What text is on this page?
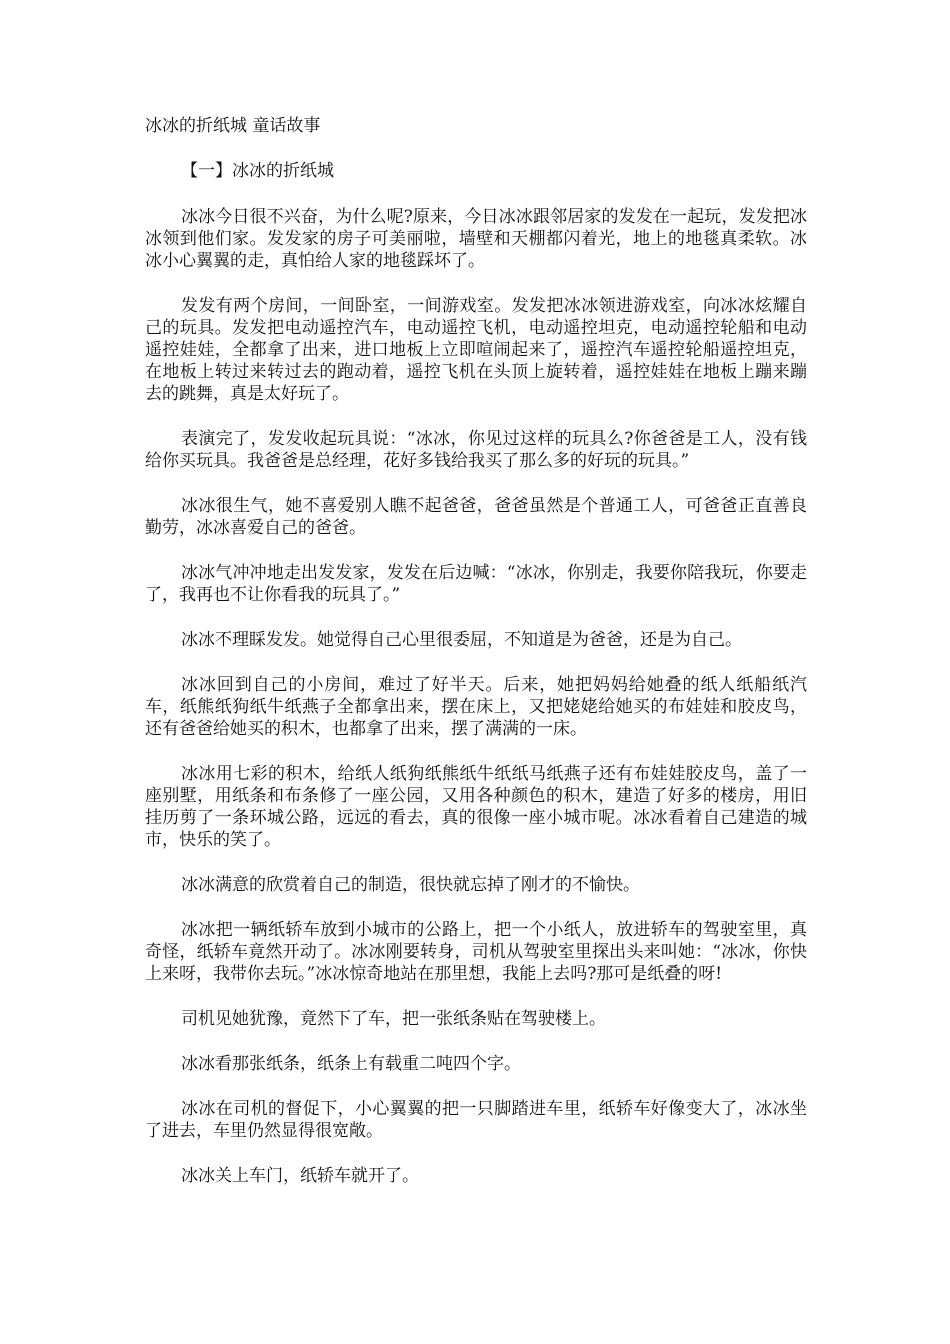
冰冰的折纸城 童话故事
【一】冰冰的折纸城

冰冰今日很不兴奋，为什么呢?原来，今日冰冰跟邻居家的发发在一起玩，发发把冰冰领到他们家。发发家的房子可美丽啦，墙壁和天棚都闪着光，地上的地毯真柔软。冰冰小心翼翼的走，真怕给人家的地毯踩坏了。

发发有两个房间，一间卧室，一间游戏室。发发把冰冰领进游戏室，向冰冰炫耀自己的玩具。发发把电动遥控汽车，电动遥控飞机，电动遥控坦克，电动遥控轮船和电动遥控娃娃，全都拿了出来，进口地板上立即喧闹起来了，遥控汽车遥控轮船遥控坦克，在地板上转过来转过去的跑动着，遥控飞机在头顶上旋转着，遥控娃娃在地板上蹦来蹦去的跳舞，真是太好玩了。

表演完了，发发收起玩具说：“冰冰，你见过这样的玩具么?你爸爸是工人，没有钱给你买玩具。我爸爸是总经理，花好多钱给我买了那么多的好玩的玩具。”

冰冰很生气，她不喜爱别人瞧不起爸爸，爸爸虽然是个普通工人，可爸爸正直善良勤劳，冰冰喜爱自己的爸爸。

冰冰气冲冲地走出发发家，发发在后边喊：“冰冰，你别走，我要你陪我玩，你要走了，我再也不让你看我的玩具了。”

冰冰不理睬发发。她觉得自己心里很委屈，不知道是为爸爸，还是为自己。

冰冰回到自己的小房间，难过了好半天。后来，她把妈妈给她叠的纸人纸船纸汽车，纸熊纸狗纸牛纸燕子全都拿出来，摆在床上，又把姥姥给她买的布娃娃和胶皮鸟，还有爸爸给她买的积木，也都拿了出来，摆了满满的一床。

冰冰用七彩的积木，给纸人纸狗纸熊纸牛纸纸马纸燕子还有布娃娃胶皮鸟，盖了一座别墅，用纸条和布条修了一座公园，又用各种颜色的积木，建造了好多的楼房，用旧挂历剪了一条环城公路，远远的看去，真的很像一座小城市呢。冰冰看着自己建造的城市，快乐的笑了。

冰冰满意的欣赏着自己的制造，很快就忘掉了刚才的不愉快。

冰冰把一辆纸轿车放到小城市的公路上，把一个小纸人，放进轿车的驾驶室里，真奇怪，纸轿车竟然开动了。冰冰刚要转身，司机从驾驶室里探出头来叫她：“冰冰，你快上来呀，我带你去玩。”冰冰惊奇地站在那里想，我能上去吗?那可是纸叠的呀!

司机见她犹豫，竟然下了车，把一张纸条贴在驾驶楼上。

冰冰看那张纸条，纸条上有载重二吨四个字。

冰冰在司机的督促下，小心翼翼的把一只脚踏进车里，纸轿车好像变大了，冰冰坐了进去，车里仍然显得很宽敞。

冰冰关上车门，纸轿车就开了。
